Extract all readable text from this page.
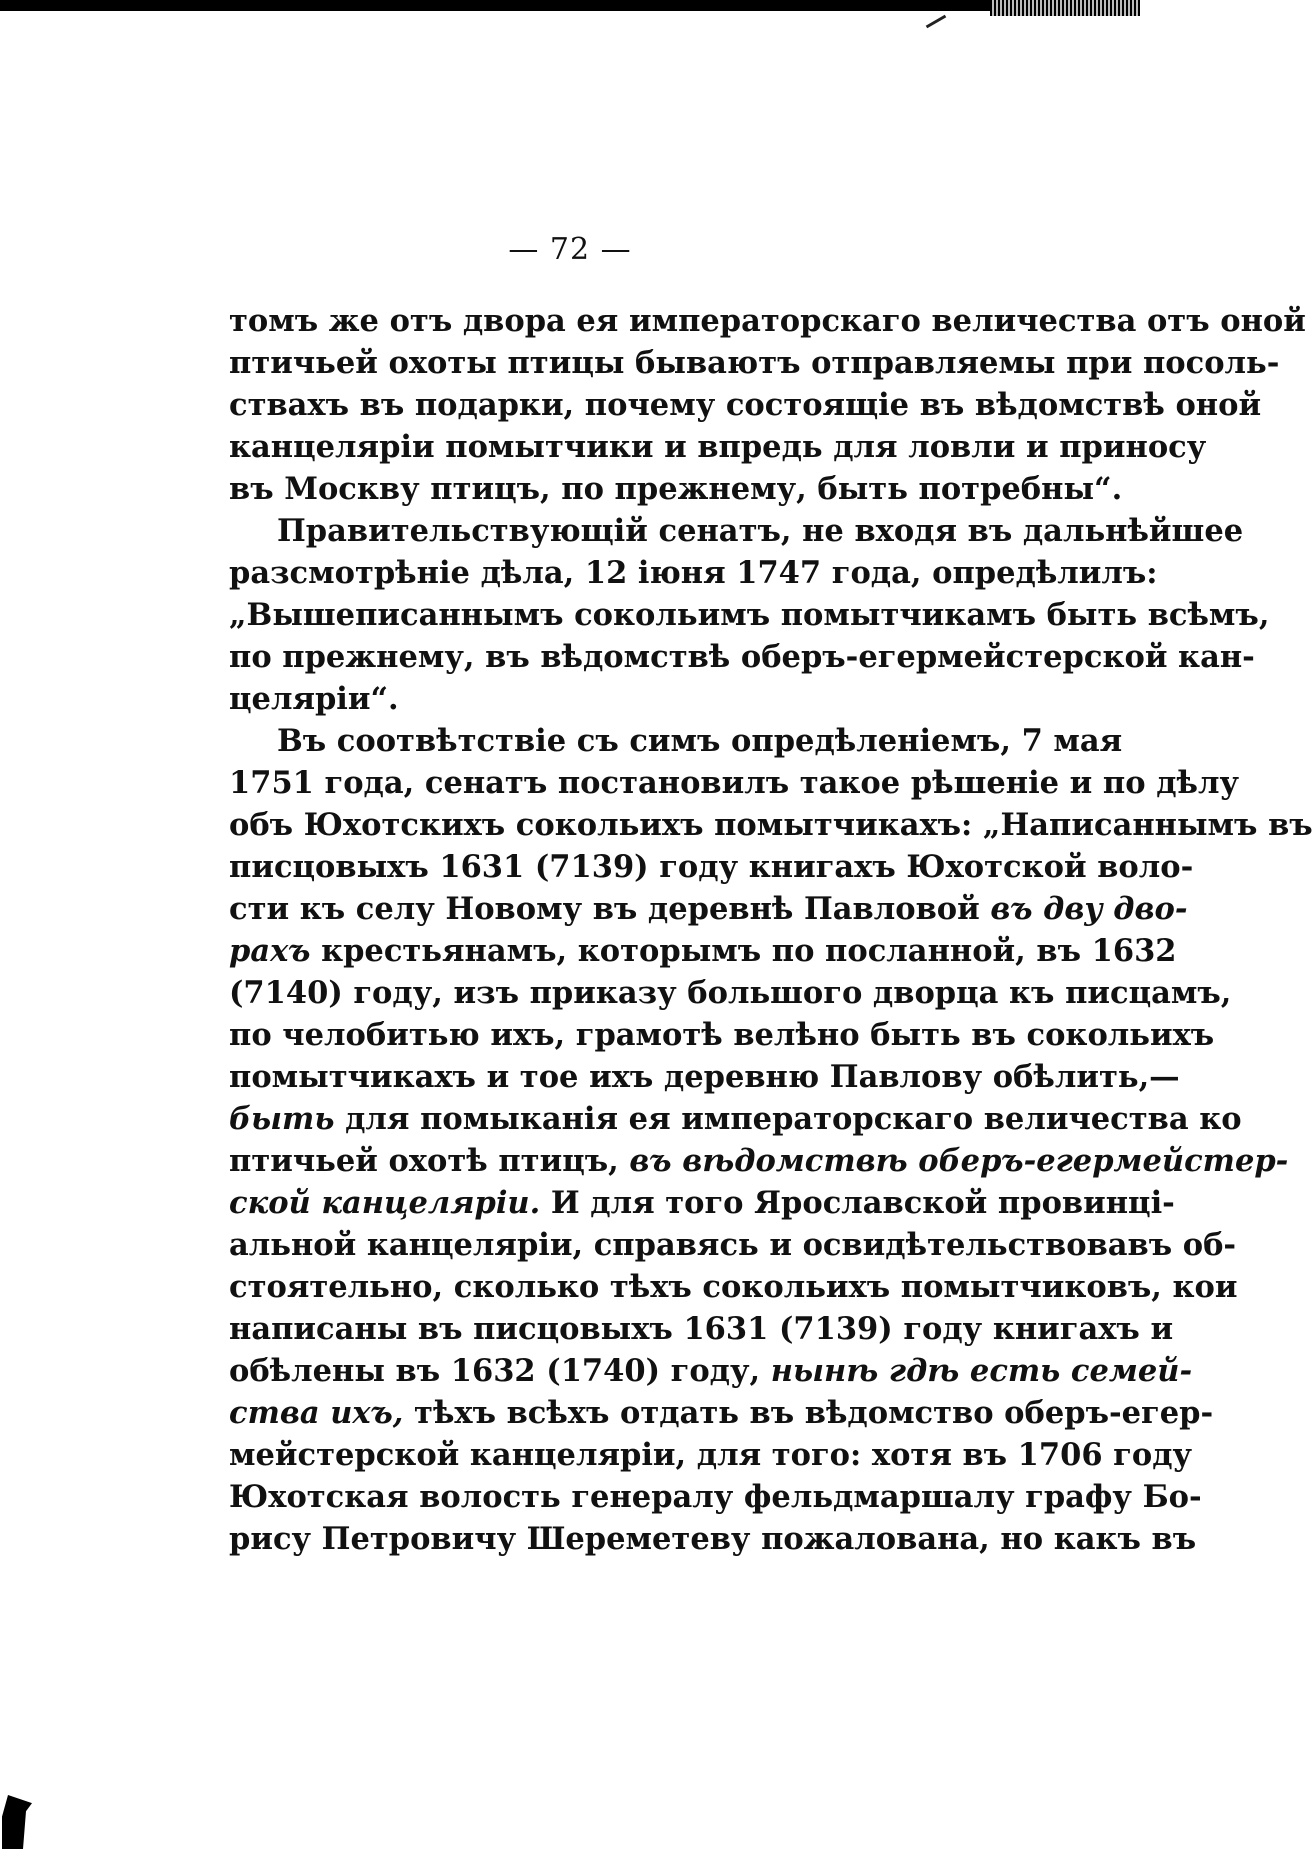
— 72 —
томъ же отъ двора ея императорскаго величества отъ оной
птичьей охоты птицы бываютъ отправляемы при посоль-
ствахъ въ подарки, почему состоящіе въ вѣдомствѣ оной
канцеляріи помытчики и впредь для ловли и приносу
въ Москву птицъ, по прежнему, быть потребны“.
Правительствующій сенатъ, не входя въ дальнѣйшее
разсмотрѣніе дѣла, 12 іюня 1747 года, опредѣлилъ:
„Вышеписаннымъ сокольимъ помытчикамъ быть всѣмъ,
по прежнему, въ вѣдомствѣ оберъ-егермейстерской кан-
целяріи“.
Въ соотвѣтствіе съ симъ опредѣленіемъ, 7 мая
1751 года, сенатъ постановилъ такое рѣшеніе и по дѣлу
объ Юхотскихъ сокольихъ помытчикахъ: „Написаннымъ въ
писцовыхъ 1631 (7139) году книгахъ Юхотской воло-
сти къ селу Новому въ деревнѣ Павловой въ дву дво-
рахъ крестьянамъ, которымъ по посланной, въ 1632
(7140) году, изъ приказу большого дворца къ писцамъ,
по челобитью ихъ, грамотѣ велѣно быть въ сокольихъ
помытчикахъ и тое ихъ деревню Павлову обѣлить,—
быть для помыканія ея императорскаго величества ко
птичьей охотѣ птицъ, въ вѣдомствѣ оберъ-егермейстер-
ской канцеляріи. И для того Ярославской провинці-
альной канцеляріи, справясь и освидѣтельствовавъ об-
стоятельно, сколько тѣхъ сокольихъ помытчиковъ, кои
написаны въ писцовыхъ 1631 (7139) году книгахъ и
обѣлены въ 1632 (1740) году, нынѣ гдѣ есть семей-
ства ихъ, тѣхъ всѣхъ отдать въ вѣдомство оберъ-егер-
мейстерской канцеляріи, для того: хотя въ 1706 году
Юхотская волость генералу фельдмаршалу графу Бо-
рису Петровичу Шереметеву пожалована, но какъ въ
